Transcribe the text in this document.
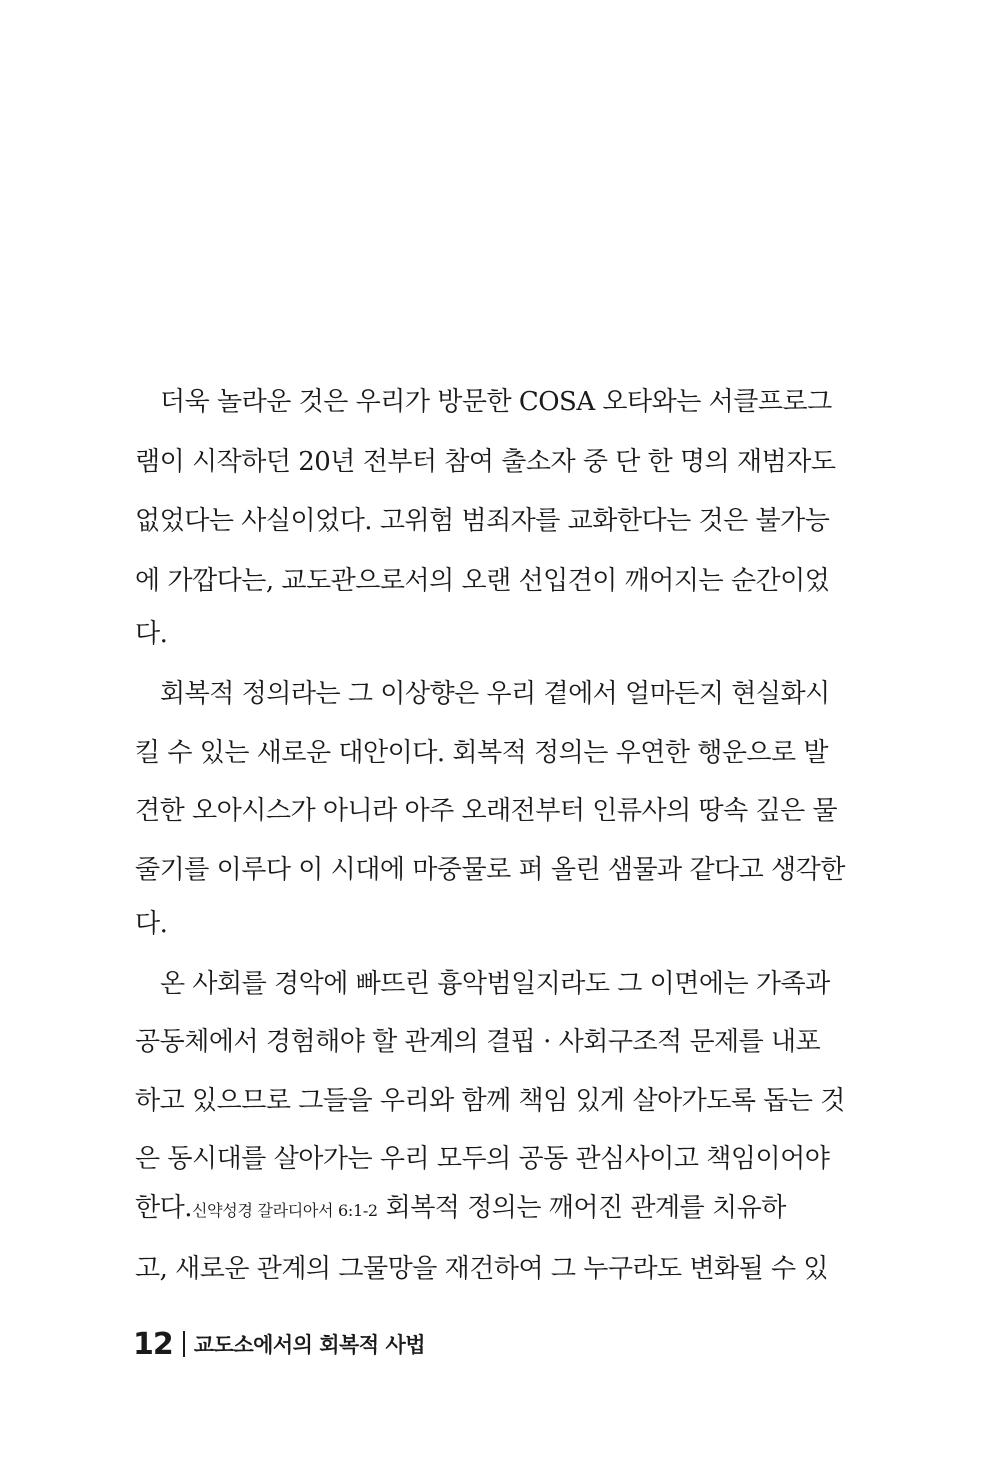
더욱 놀라운 것은 우리가 방문한 COSA 오타와는 서클프로그
램이 시작하던 20년 전부터 참여 출소자 중 단 한 명의 재범자도
없었다는 사실이었다. 고위험 범죄자를 교화한다는 것은 불가능
에 가깝다는, 교도관으로서의 오랜 선입견이 깨어지는 순간이었
다.
회복적 정의라는 그 이상향은 우리 곁에서 얼마든지 현실화시
킬 수 있는 새로운 대안이다. 회복적 정의는 우연한 행운으로 발
견한 오아시스가 아니라 아주 오래전부터 인류사의 땅속 깊은 물
줄기를 이루다 이 시대에 마중물로 퍼 올린 샘물과 같다고 생각한
다.
온 사회를 경악에 빠뜨린 흉악범일지라도 그 이면에는 가족과
공동체에서 경험해야 할 관계의 결핍 · 사회구조적 문제를 내포
하고 있으므로 그들을 우리와 함께 책임 있게 살아가도록 돕는 것
은 동시대를 살아가는 우리 모두의 공동 관심사이고 책임이어야
한다.신약성경 갈라디아서 6:1-2 회복적 정의는 깨어진 관계를 치유하
고, 새로운 관계의 그물망을 재건하여 그 누구라도 변화될 수 있
12 교도소에서의 회복적 사법
